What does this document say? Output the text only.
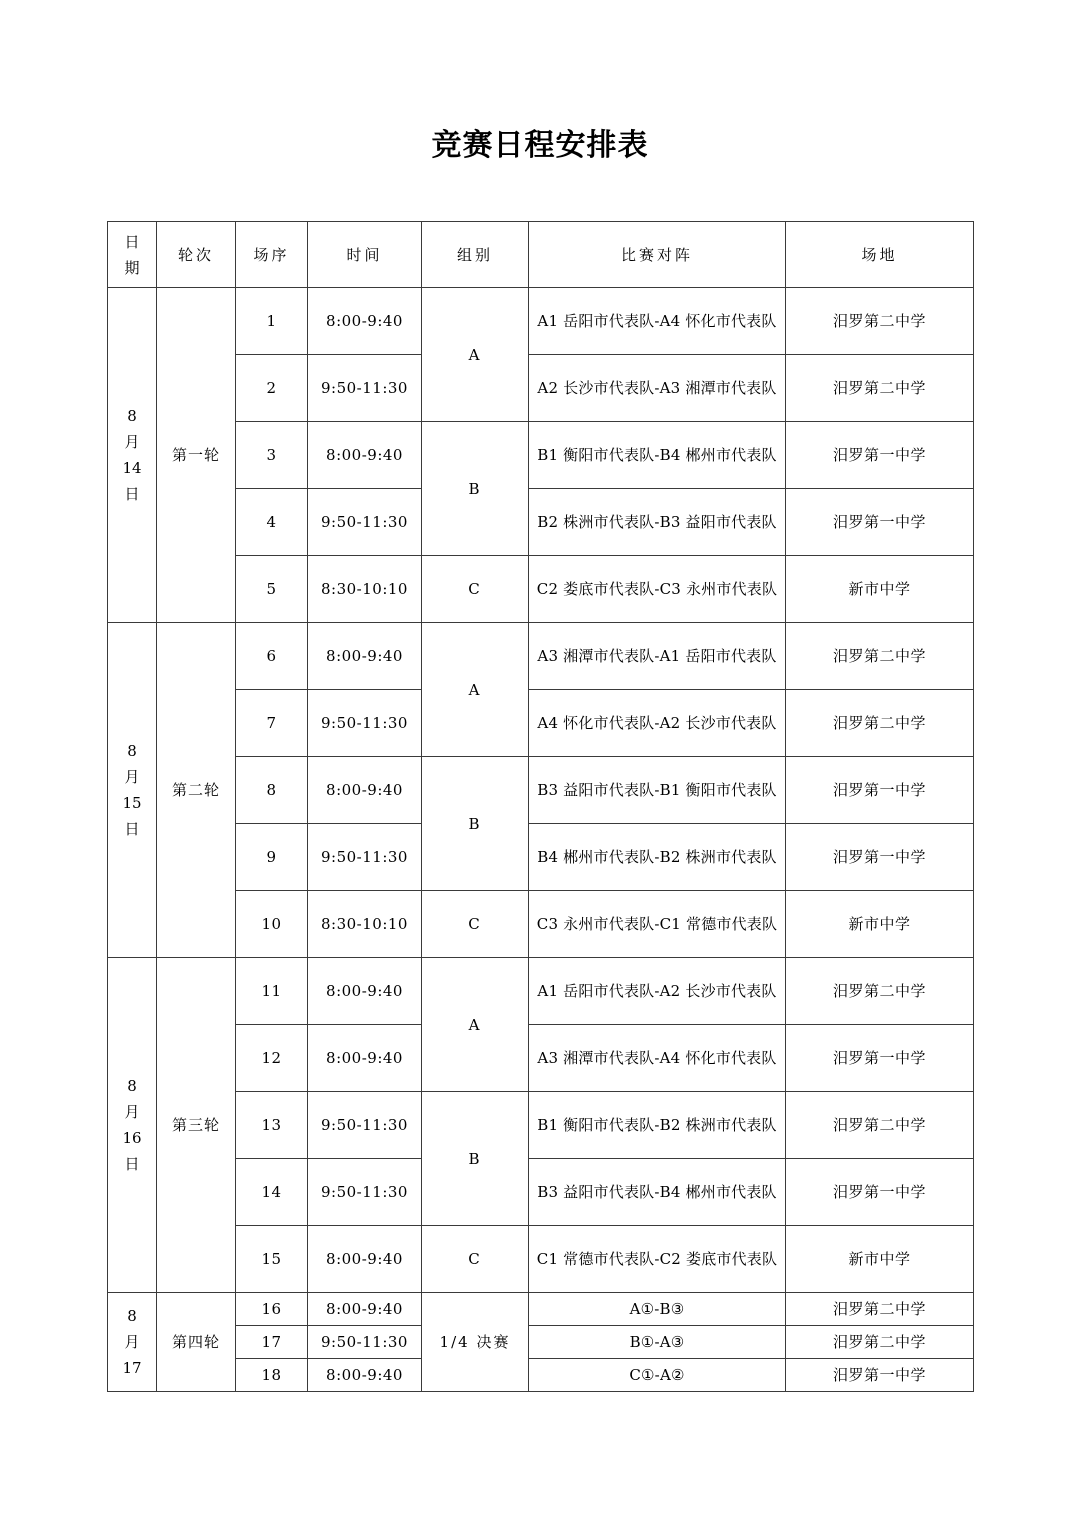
竞赛日程安排表
日
期	轮次	场序	时间	组别	比赛对阵	场地

8
月
14
日	第一轮	1	8:00-9:40	A	A1 岳阳市代表队-A4 怀化市代表队	汨罗第二中学
		2	9:50-11:30		A2 长沙市代表队-A3 湘潭市代表队	汨罗第二中学
		3	8:00-9:40	B	B1 衡阳市代表队-B4 郴州市代表队	汨罗第一中学
		4	9:50-11:30		B2 株洲市代表队-B3 益阳市代表队	汨罗第一中学
		5	8:30-10:10	C	C2 娄底市代表队-C3 永州市代表队	新市中学

8
月
15
日	第二轮	6	8:00-9:40	A	A3 湘潭市代表队-A1 岳阳市代表队	汨罗第二中学
		7	9:50-11:30		A4 怀化市代表队-A2 长沙市代表队	汨罗第二中学
		8	8:00-9:40	B	B3 益阳市代表队-B1 衡阳市代表队	汨罗第一中学
		9	9:50-11:30		B4 郴州市代表队-B2 株洲市代表队	汨罗第一中学
		10	8:30-10:10	C	C3 永州市代表队-C1 常德市代表队	新市中学

8
月
16
日	第三轮	11	8:00-9:40	A	A1 岳阳市代表队-A2 长沙市代表队	汨罗第二中学
		12	8:00-9:40		A3 湘潭市代表队-A4 怀化市代表队	汨罗第一中学
		13	9:50-11:30	B	B1 衡阳市代表队-B2 株洲市代表队	汨罗第二中学
		14	9:50-11:30		B3 益阳市代表队-B4 郴州市代表队	汨罗第一中学
		15	8:00-9:40	C	C1 常德市代表队-C2 娄底市代表队	新市中学

8
月
17	第四轮	16	8:00-9:40	1/4 决赛	A①-B③	汨罗第二中学
		17	9:50-11:30		B①-A③	汨罗第二中学
		18	8:00-9:40		C①-A②	汨罗第一中学
